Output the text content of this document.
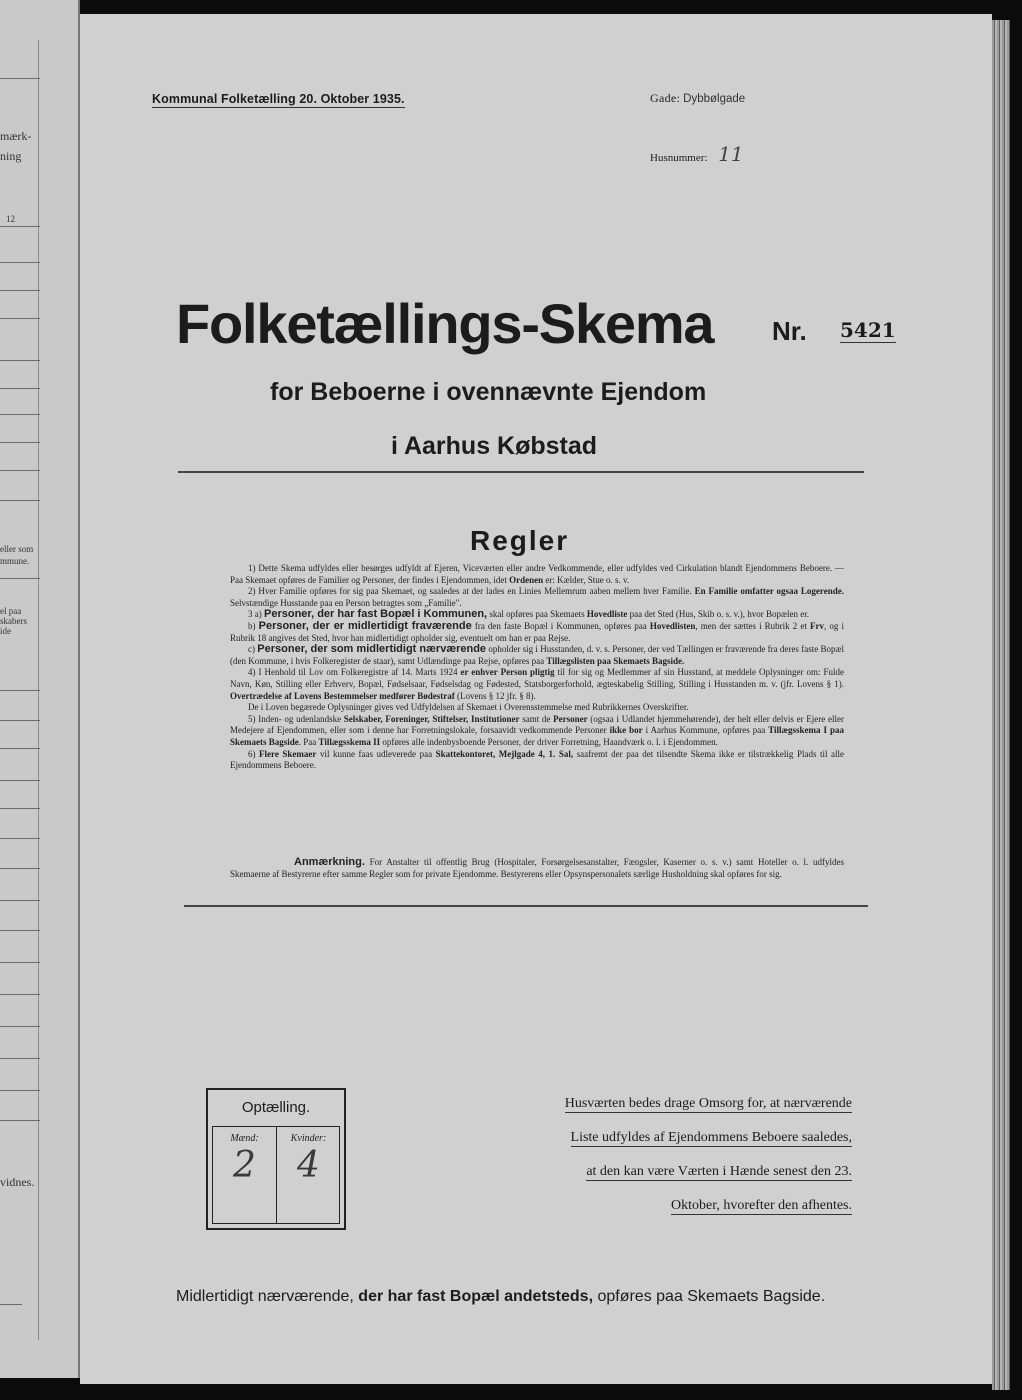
mærk-
ning
12
eller som
mmune.
el paa
skabers
ide
vidnes.
Kommunal Folketælling 20. Oktober 1935.	Gade: Dybbølgade
Husnummer: 11
Folketællings-Skema Nr. 5421
for Beboerne i ovennævnte Ejendom
i Aarhus Købstad
Regler

1) Dette Skema udfyldes eller besørges udfyldt af Ejeren, Viceværten eller andre Vedkommende, eller udfyldes ved Cirkulation blandt Ejendommens Beboere. — Paa Skemaet opføres de Familier og Personer, der findes i Ejendommen, idet Ordenen er: Kælder, Stue o. s. v.

2) Hver Familie opføres for sig paa Skemaet, og saaledes at der lades en Linies Mellemrum aaben mellem hver Familie. En Familie omfatter ogsaa Logerende. Selvstændige Husstande paa en Person betragtes som „Familie".

3 a) Personer, der har fast Bopæl i Kommunen, skal opføres paa Skemaets Hovedliste paa det Sted (Hus, Skib o. s. v.), hvor Bopælen er.

b) Personer, der er midlertidigt fraværende fra den faste Bopæl i Kommunen, opføres paa Hovedlisten, men der sættes i Rubrik 2 et Frv, og i Rubrik 18 angives det Sted, hvor han midlertidigt opholder sig, eventuelt om han er paa Rejse.

c) Personer, der som midlertidigt nærværende opholder sig i Husstanden, d. v. s. Personer, der ved Tællingen er fraværende fra deres faste Bopæl (den Kommune, i hvis Folkeregister de staar), samt Udlændinge paa Rejse, opføres paa Tillægslisten paa Skemaets Bagside.

4) I Henhold til Lov om Folkeregistre af 14. Marts 1924 er enhver Person pligtig til for sig og Medlemmer af sin Husstand, at meddele Oplysninger om: Fulde Navn, Køn, Stilling eller Erhverv, Bopæl, Fødselsaar, Fødselsdag og Fødested, Statsborgerforhold, ægteskabelig Stilling, Stilling i Husstanden m. v. (jfr. Lovens § 1). Overtrædelse af Lovens Bestemmelser medfører Bødestraf (Lovens § 12 jfr. § 8).

De i Loven begærede Oplysninger gives ved Udfyldelsen af Skemaet i Overensstemmelse med Rubrikkernes Overskrifter.

5) Inden- og udenlandske Selskaber, Foreninger, Stiftelser, Institutioner samt de Personer (ogsaa i Udlandet hjemmehørende), der helt eller delvis er Ejere eller Medejere af Ejendommen, eller som i denne har Forretningslokale, forsaavidt vedkommende Personer ikke bor i Aarhus Kommune, opføres paa Tillægsskema I paa Skemaets Bagside. Paa Tillægsskema II opføres alle indenbysboende Personer, der driver Forretning, Haandværk o. l. i Ejendommen.

6) Flere Skemaer vil kunne faas udleverede paa Skattekontoret, Mejlgade 4, 1. Sal, saafremt der paa det tilsendte Skema ikke er tilstrækkelig Plads til alle Ejendommens Beboere.

Anmærkning. For Anstalter til offentlig Brug (Hospitaler, Forsørgelsesanstalter, Fængsler, Kaserner o. s. v.) samt Hoteller o. l. udfyldes Skemaerne af Bestyrerne efter samme Regler som for private Ejendomme. Bestyrerens eller Opsynspersonalets særlige Husholdning skal opføres for sig.
Optælling.
Mænd:
2
Kvinder:
4
Husværten bedes drage Omsorg for, at nærværende
Liste udfyldes af Ejendommens Beboere saaledes,
at den kan være Værten i Hænde senest den 23.
Oktober, hvorefter den afhentes.
Midlertidigt nærværende, der har fast Bopæl andetsteds, opføres paa Skemaets Bagside.
